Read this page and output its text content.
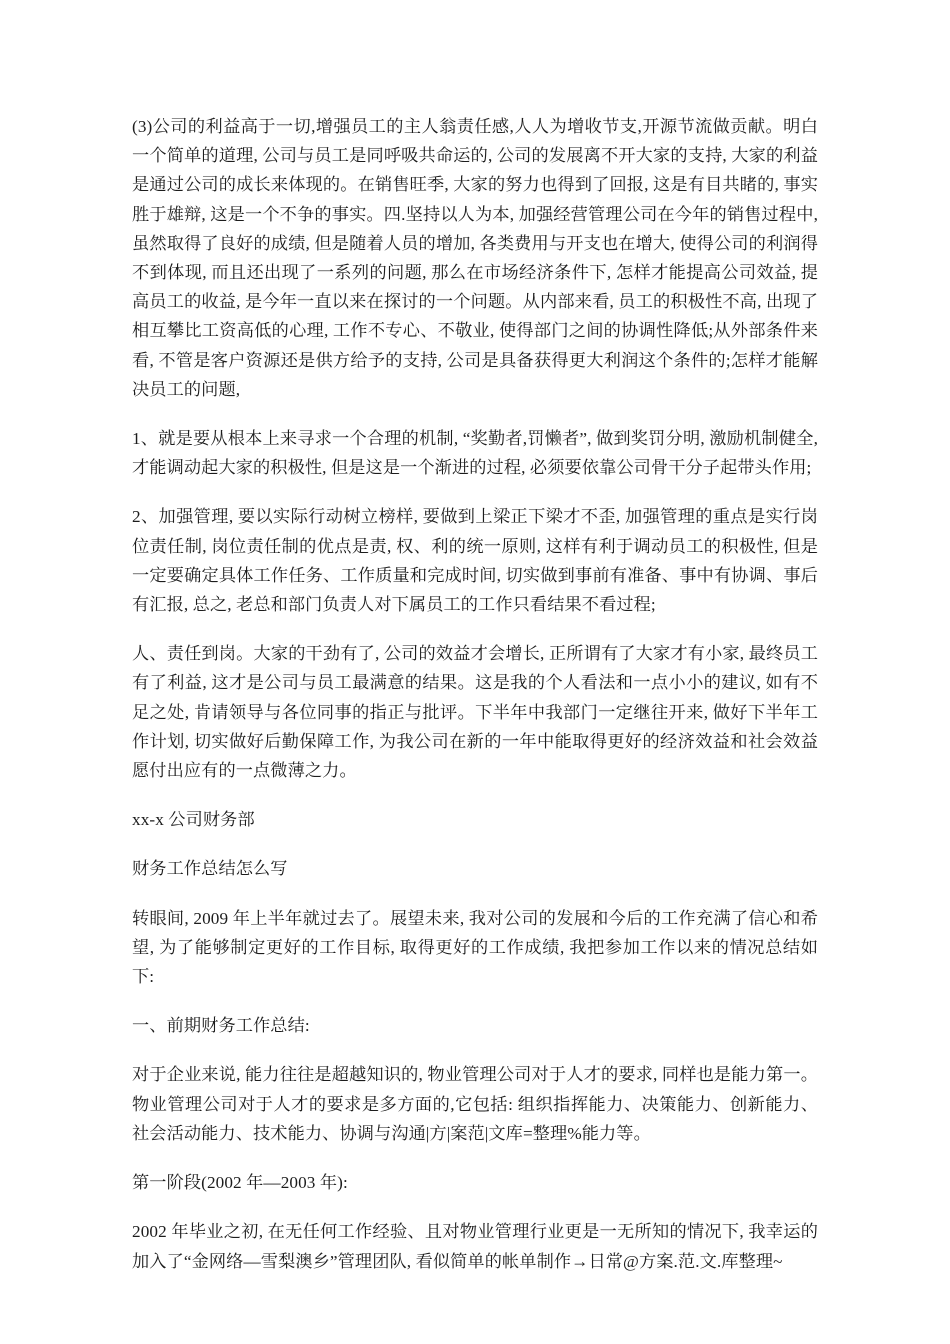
(3)公司的利益高于一切,增强员工的主人翁责任感,人人为增收节支,开源节流做贡献。明白一个简单的道理, 公司与员工是同呼吸共命运的, 公司的发展离不开大家的支持, 大家的利益是通过公司的成长来体现的。在销售旺季, 大家的努力也得到了回报, 这是有目共睹的, 事实胜于雄辩, 这是一个不争的事实。四.坚持以人为本, 加强经营管理公司在今年的销售过程中, 虽然取得了良好的成绩, 但是随着人员的增加, 各类费用与开支也在增大, 使得公司的利润得不到体现, 而且还出现了一系列的问题, 那么在市场经济条件下, 怎样才能提高公司效益, 提高员工的收益, 是今年一直以来在探讨的一个问题。从内部来看, 员工的积极性不高, 出现了相互攀比工资高低的心理, 工作不专心、不敬业, 使得部门之间的协调性降低;从外部条件来看, 不管是客户资源还是供方给予的支持, 公司是具备获得更大利润这个条件的;怎样才能解决员工的问题,

1、就是要从根本上来寻求一个合理的机制, “奖勤者,罚懒者”, 做到奖罚分明, 激励机制健全, 才能调动起大家的积极性, 但是这是一个渐进的过程, 必须要依靠公司骨干分子起带头作用;

2、加强管理, 要以实际行动树立榜样, 要做到上梁正下梁才不歪, 加强管理的重点是实行岗位责任制, 岗位责任制的优点是责, 权、利的统一原则, 这样有利于调动员工的积极性, 但是一定要确定具体工作任务、工作质量和完成时间, 切实做到事前有准备、事中有协调、事后有汇报, 总之, 老总和部门负责人对下属员工的工作只看结果不看过程;

人、责任到岗。大家的干劲有了, 公司的效益才会增长, 正所谓有了大家才有小家, 最终员工有了利益, 这才是公司与员工最满意的结果。这是我的个人看法和一点小小的建议, 如有不足之处, 肯请领导与各位同事的指正与批评。下半年中我部门一定继往开来, 做好下半年工作计划, 切实做好后勤保障工作, 为我公司在新的一年中能取得更好的经济效益和社会效益愿付出应有的一点微薄之力。

xx-x 公司财务部

财务工作总结怎么写

转眼间, 2009 年上半年就过去了。展望未来, 我对公司的发展和今后的工作充满了信心和希望, 为了能够制定更好的工作目标, 取得更好的工作成绩, 我把参加工作以来的情况总结如下:

一、前期财务工作总结:

对于企业来说, 能力往往是超越知识的, 物业管理公司对于人才的要求, 同样也是能力第一。物业管理公司对于人才的要求是多方面的,它包括: 组织指挥能力、决策能力、创新能力、社会活动能力、技术能力、协调与沟通|方|案范|文库=整理%能力等。

第一阶段(2002 年—2003 年):

2002 年毕业之初, 在无任何工作经验、且对物业管理行业更是一无所知的情况下, 我幸运的加入了“金网络—雪梨澳乡”管理团队, 看似简单的帐单制作→日常@方案.范.文.库整理~
